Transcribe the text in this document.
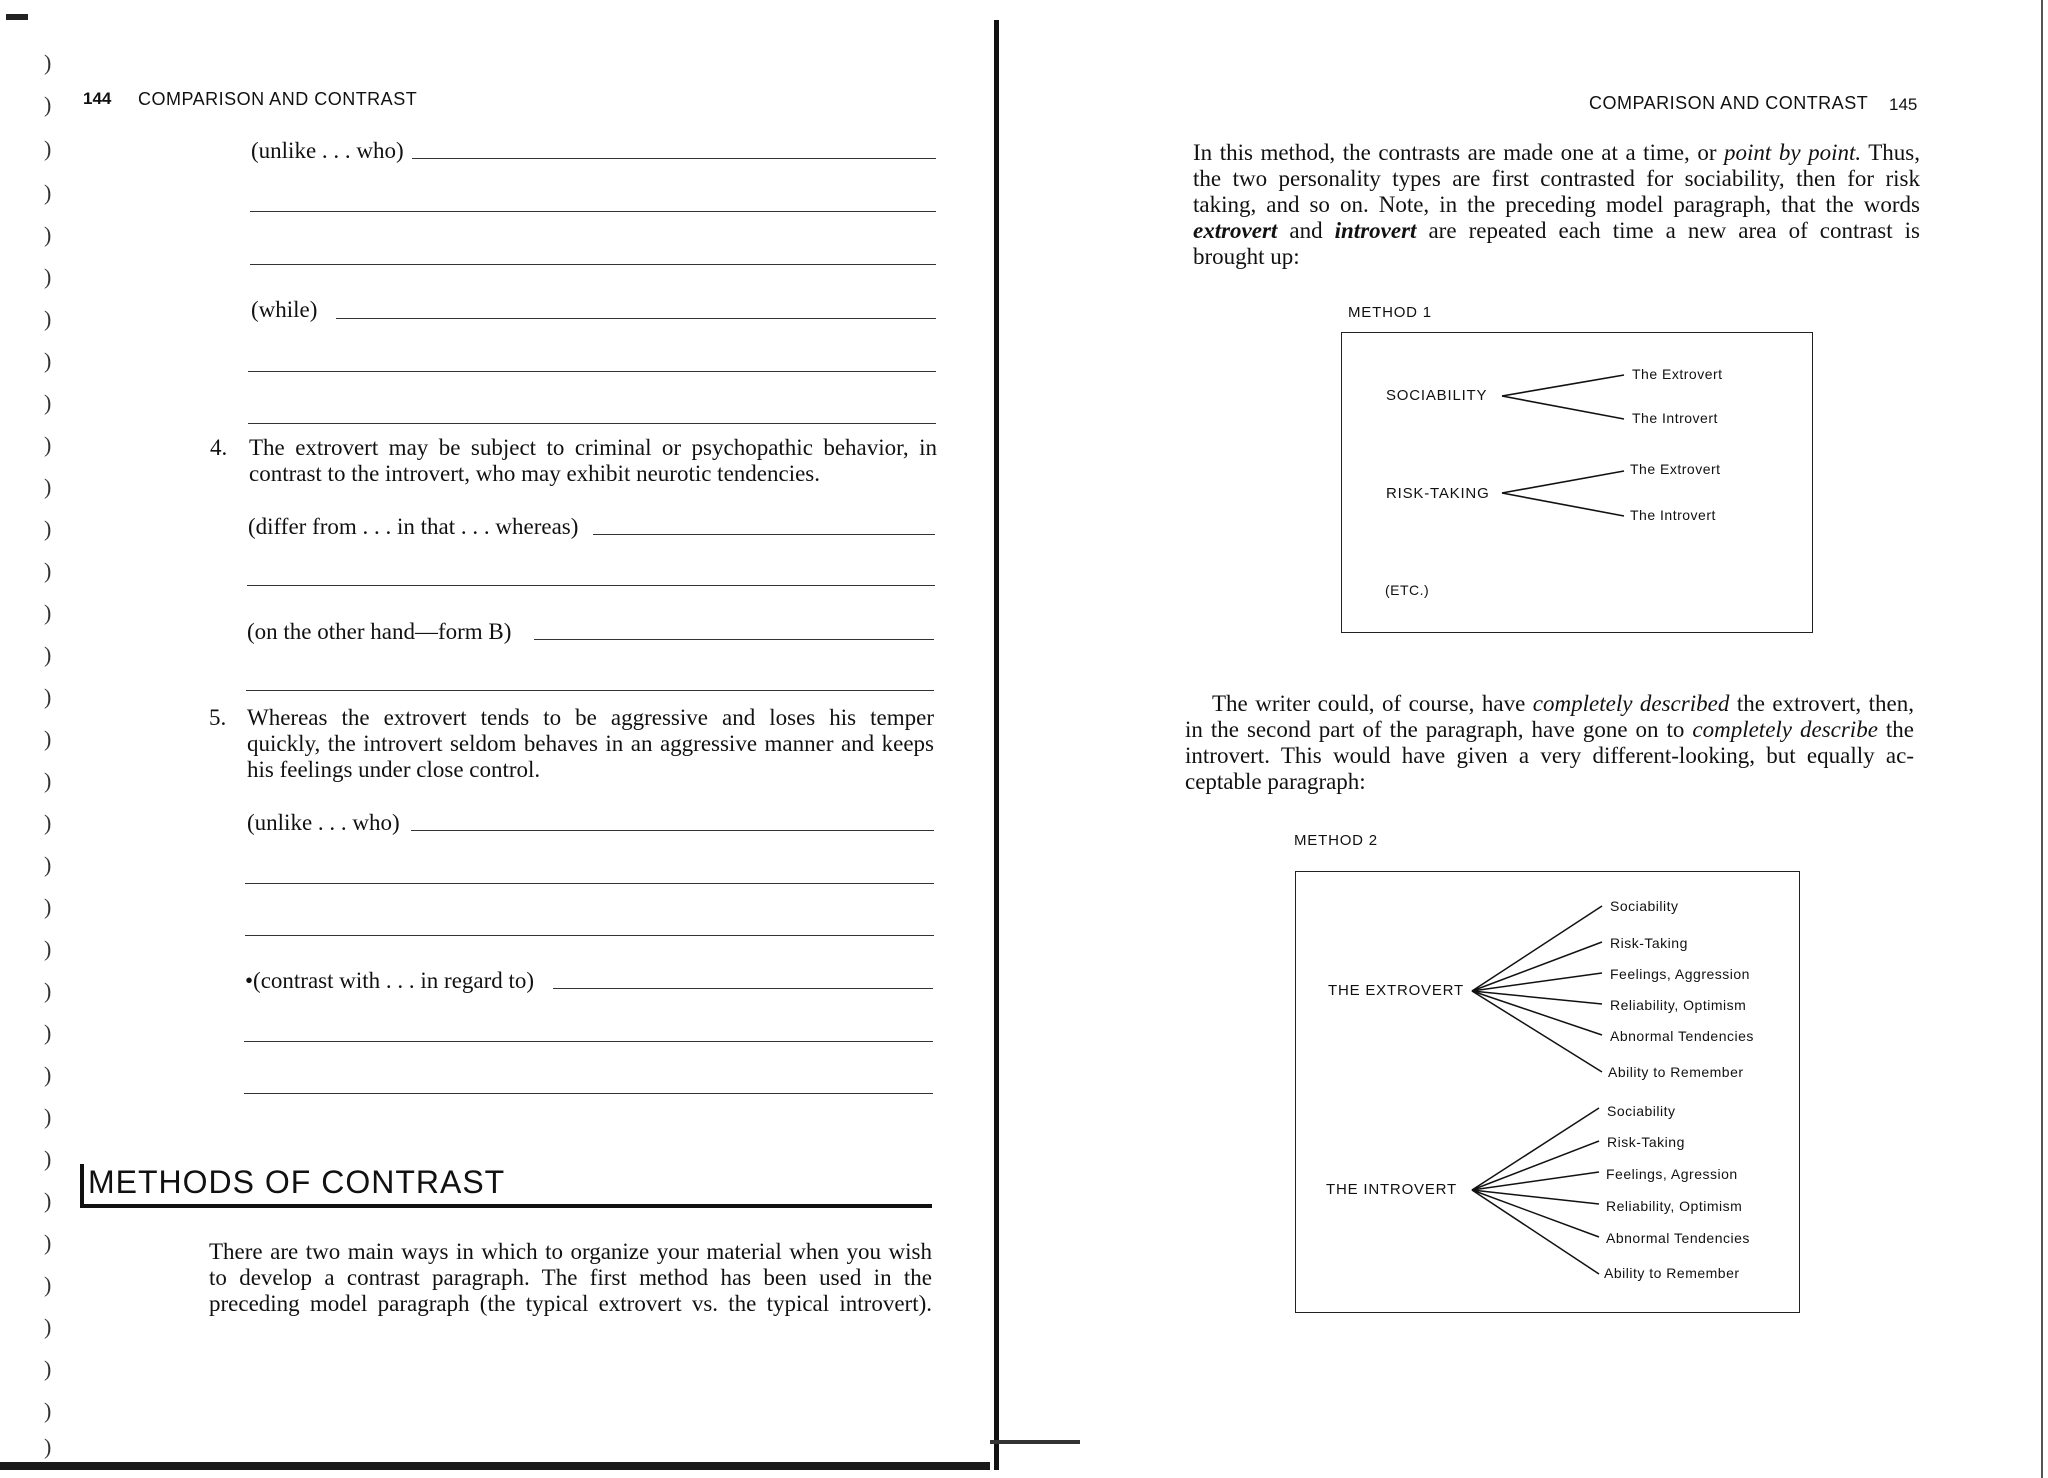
)
)
)
)
)
)
)
)
)
)
)
)
)
)
)
)
)
)
)
)
)
)
)
)
)
)
)
)
)
)
)
)
)
)
144 COMPARISON AND CONTRAST
(unlike . . . who)
(while)
4. The extrovert may be subject to criminal or psychopathic behavior, in
contrast to the introvert, who may exhibit neurotic tendencies.
(differ from . . . in that . . . whereas)
(on the other hand—form B)
5. Whereas the extrovert tends to be aggressive and loses his temper
quickly, the introvert seldom behaves in an aggressive manner and keeps
his feelings under close control.
(unlike . . . who)
•(contrast with . . . in regard to)
METHODS OF CONTRAST
There are two main ways in which to organize your material when you wish
to develop a contrast paragraph. The first method has been used in the
preceding model paragraph (the typical extrovert vs. the typical introvert).
COMPARISON AND CONTRAST 145
In this method, the contrasts are made one at a time, or point by point. Thus,
the two personality types are first contrasted for sociability, then for risk
taking, and so on. Note, in the preceding model paragraph, that the words
extrovert and introvert are repeated each time a new area of contrast is
brought up:
METHOD 1
SOCIABILITY
The Extrovert
The Introvert
RISK-TAKING
The Extrovert
The Introvert
(ETC.)
The writer could, of course, have completely described the extrovert, then,
in the second part of the paragraph, have gone on to completely describe the
introvert. This would have given a very different-looking, but equally ac-
ceptable paragraph:
METHOD 2
THE EXTROVERT
Sociability
Risk-Taking
Feelings, Aggression
Reliability, Optimism
Abnormal Tendencies
Ability to Remember
THE INTROVERT
Sociability
Risk-Taking
Feelings, Agression
Reliability, Optimism
Abnormal Tendencies
Ability to Remember
